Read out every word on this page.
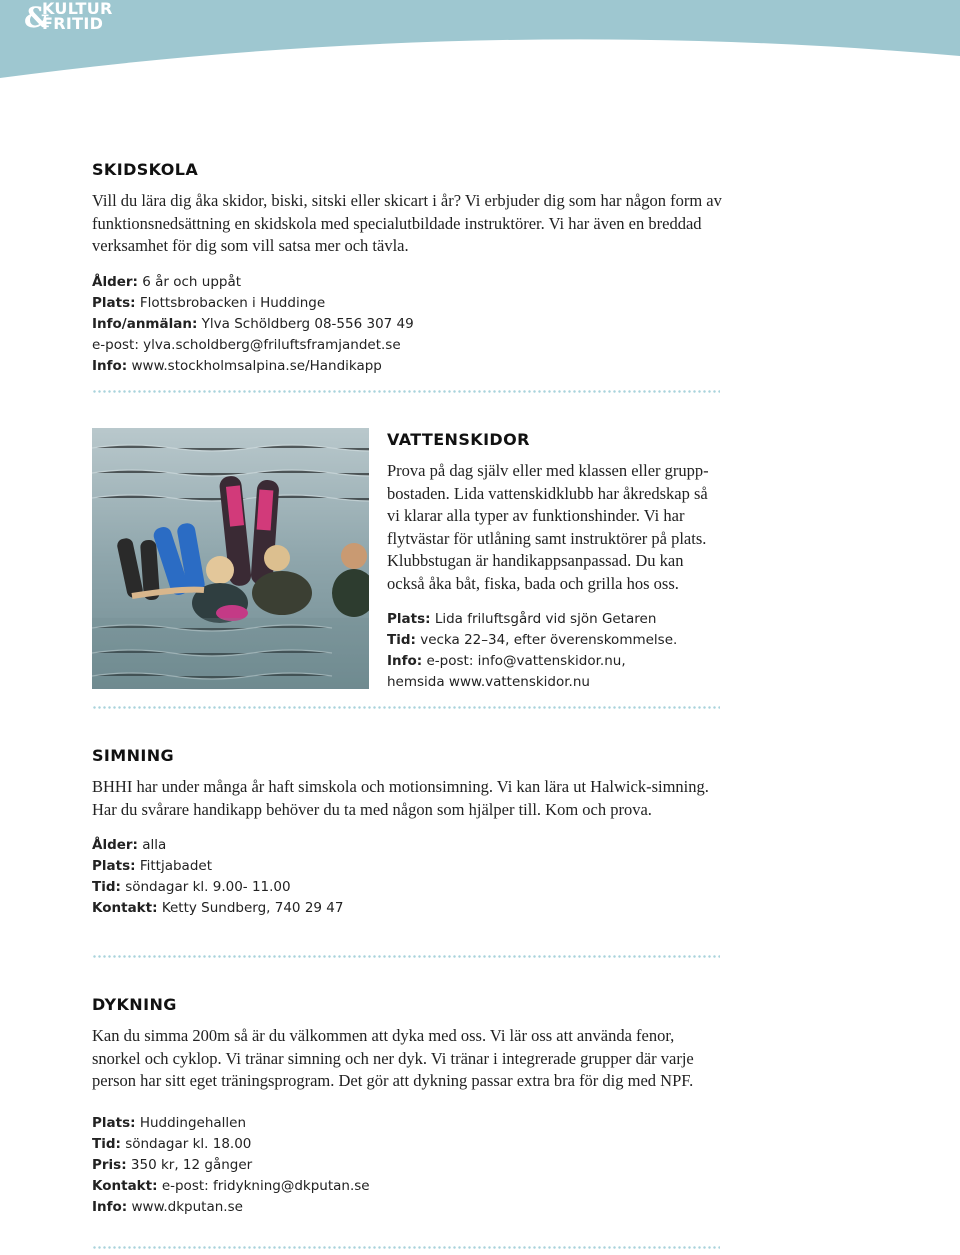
&
KULTUR
FRITID
SKIDSKOLA
Vill du lära dig åka skidor, biski, sitski eller skicart i år? Vi erbjuder dig som har någon form av funktionsnedsättning en skidskola med specialutbildade instruktörer. Vi har även en breddad verksamhet för dig som vill satsa mer och tävla.
Ålder: 6 år och uppåt
Plats: Flottsbrobacken i Huddinge
Info/anmälan: Ylva Schöldberg 08-556 307 49
e-post: ylva.scholdberg@friluftsframjandet.se
Info: www.stockholmsalpina.se/Handikapp
VATTENSKIDOR
Prova på dag själv eller med klassen eller grupp-bostaden. Lida vattenskidklubb har åkredskap så vi klarar alla typer av funktionshinder. Vi har flytvästar för utlåning samt instruktörer på plats. Klubbstugan är handikappsanpassad. Du kan också åka båt, fiska, bada och grilla hos oss.
Plats: Lida friluftsgård vid sjön Getaren
Tid: vecka 22–34, efter överenskommelse.
Info: e-post: info@vattenskidor.nu,
hemsida www.vattenskidor.nu
SIMNING
BHHI har under många år haft simskola och motionsimning. Vi kan lära ut Halwick-simning. Har du svårare handikapp behöver du ta med någon som hjälper till. Kom och prova.
Ålder: alla
Plats: Fittjabadet
Tid: söndagar kl. 9.00- 11.00
Kontakt: Ketty Sundberg, 740 29 47
DYKNING
Kan du simma 200m så är du välkommen att dyka med oss. Vi lär oss att använda fenor, snorkel och cyklop. Vi tränar simning och ner dyk. Vi tränar i integrerade grupper där varje person har sitt eget träningsprogram. Det gör att dykning passar extra bra för dig med NPF.
Plats: Huddingehallen
Tid: söndagar kl. 18.00
Pris: 350 kr, 12 gånger
Kontakt: e-post: fridykning@dkputan.se
Info: www.dkputan.se
